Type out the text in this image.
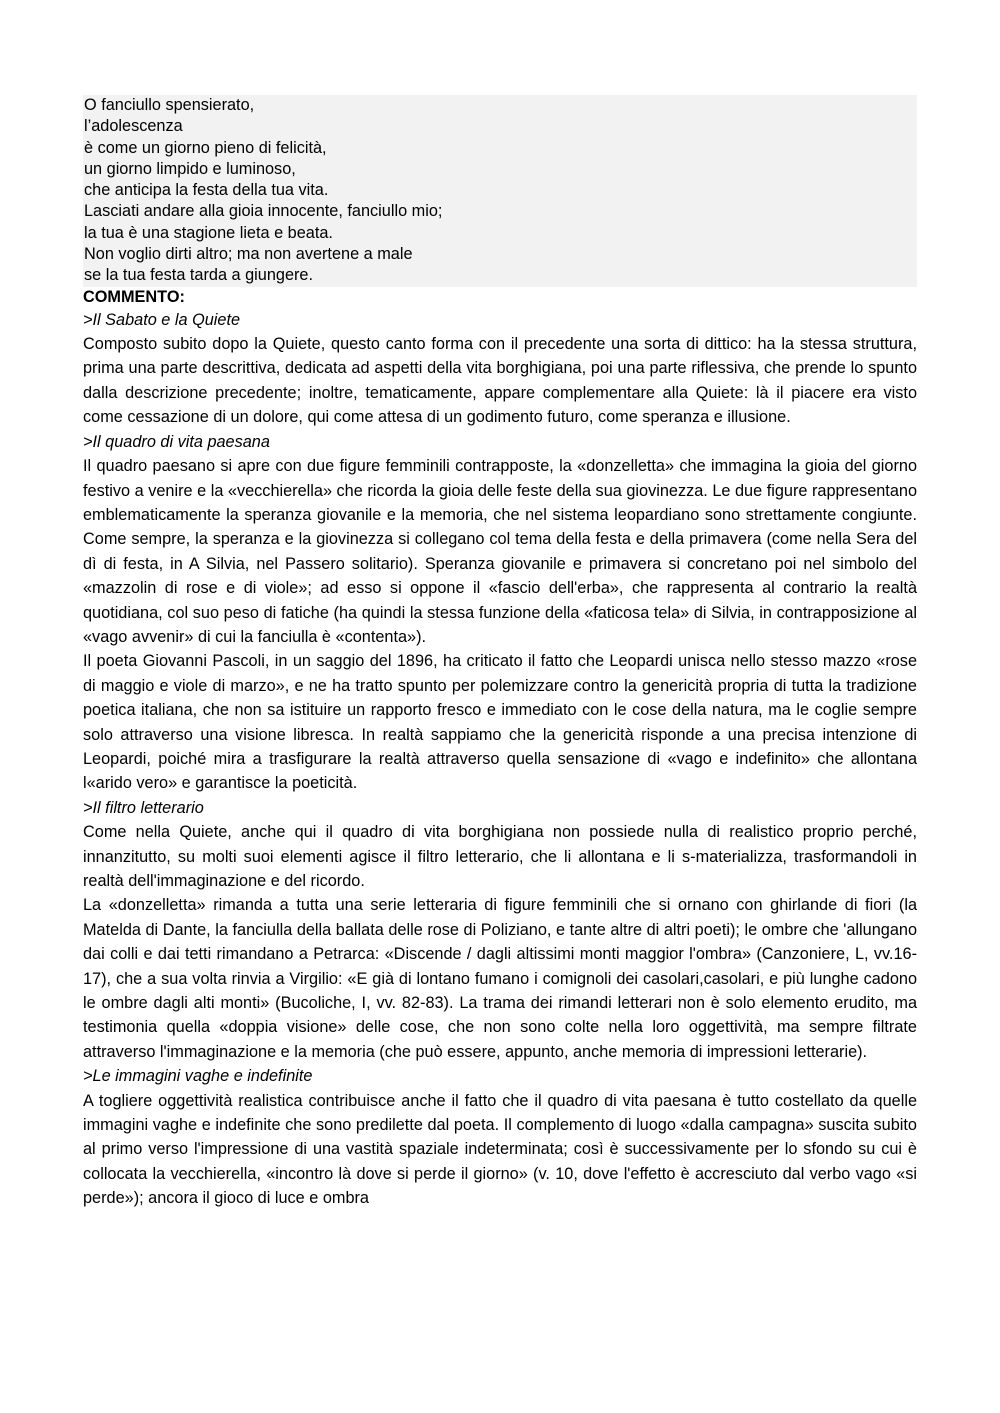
O fanciullo spensierato,
l’adolescenza
è come un giorno pieno di felicità,
un giorno limpido e luminoso,
che anticipa la festa della tua vita.
Lasciati andare alla gioia innocente, fanciullo mio;
la tua è una stagione lieta e beata.
Non voglio dirti altro; ma non avertene a male
se la tua festa tarda a giungere.
COMMENTO:
>Il Sabato e la Quiete

Composto subito dopo la Quiete, questo canto forma con il precedente una sorta di dittico: ha la stessa struttura, prima una parte descrittiva, dedicata ad aspetti della vita borghigiana, poi una parte riflessiva, che prende lo spunto dalla descrizione precedente; inoltre, tematicamente, appare complementare alla Quiete: là il piacere era visto come cessazione di un dolore, qui come attesa di un godimento futuro, come speranza e illusione.

>Il quadro di vita paesana

Il quadro paesano si apre con due figure femminili contrapposte, la «donzelletta» che immagina la gioia del giorno festivo a venire e la «vecchierella» che ricorda la gioia delle feste della sua giovinezza. Le due figure rappresentano emblematicamente la speranza giovanile e la memoria, che nel sistema leopardiano sono strettamente congiunte. Come sempre, la speranza e la giovinezza si collegano col tema della festa e della primavera (come nella Sera del dì di festa, in A Silvia, nel Passero solitario). Speranza giovanile e primavera si concretano poi nel simbolo del «mazzolin di rose e di viole»; ad esso si oppone il «fascio dell'erba», che rappresenta al contrario la realtà quotidiana, col suo peso di fatiche (ha quindi la stessa funzione della «faticosa tela» di Silvia, in contrapposizione al «vago avvenir» di cui la fanciulla è «contenta»).

Il poeta Giovanni Pascoli, in un saggio del 1896, ha criticato il fatto che Leopardi unisca nello stesso mazzo «rose di maggio e viole di marzo», e ne ha tratto spunto per polemizzare contro la genericità propria di tutta la tradizione poetica italiana, che non sa istituire un rapporto fresco e immediato con le cose della natura, ma le coglie sempre solo attraverso una visione libresca. In realtà sappiamo che la genericità risponde a una precisa intenzione di Leopardi, poiché mira a trasfigurare la realtà attraverso quella sensazione di «vago e indefinito» che allontana l«arido vero» e garantisce la poeticità.

>Il filtro letterario

Come nella Quiete, anche qui il quadro di vita borghigiana non possiede nulla di realistico proprio perché, innanzitutto, su molti suoi elementi agisce il filtro letterario, che li allontana e li s-materializza, trasformandoli in realtà dell'immaginazione e del ricordo.

La «donzelletta» rimanda a tutta una serie letteraria di figure femminili che si ornano con ghirlande di fiori (la Matelda di Dante, la fanciulla della ballata delle rose di Poliziano, e tante altre di altri poeti); le ombre che 'allungano dai colli e dai tetti rimandano a Petrarca: «Discende / dagli altissimi monti maggior l'ombra» (Canzoniere, L, vv.16-17), che a sua volta rinvia a Virgilio: «E già di lontano fumano i comignoli dei casolari,casolari, e più lunghe cadono le ombre dagli alti monti» (Bucoliche, I, vv. 82-83). La trama dei rimandi letterari non è solo elemento erudito, ma testimonia quella «doppia visione» delle cose, che non sono colte nella loro oggettività, ma sempre filtrate attraverso l'immaginazione e la memoria (che può essere, appunto, anche memoria di impressioni letterarie).

>Le immagini vaghe e indefinite

A togliere oggettività realistica contribuisce anche il fatto che il quadro di vita paesana è tutto costellato da quelle immagini vaghe e indefinite che sono predilette dal poeta. Il complemento di luogo «dalla campagna» suscita subito al primo verso l'impressione di una vastità spaziale indeterminata; così è successivamente per lo sfondo su cui è collocata la vecchierella, «incontro là dove si perde il giorno» (v. 10, dove l'effetto è accresciuto dal verbo vago «si perde»); ancora il gioco di luce e ombra
